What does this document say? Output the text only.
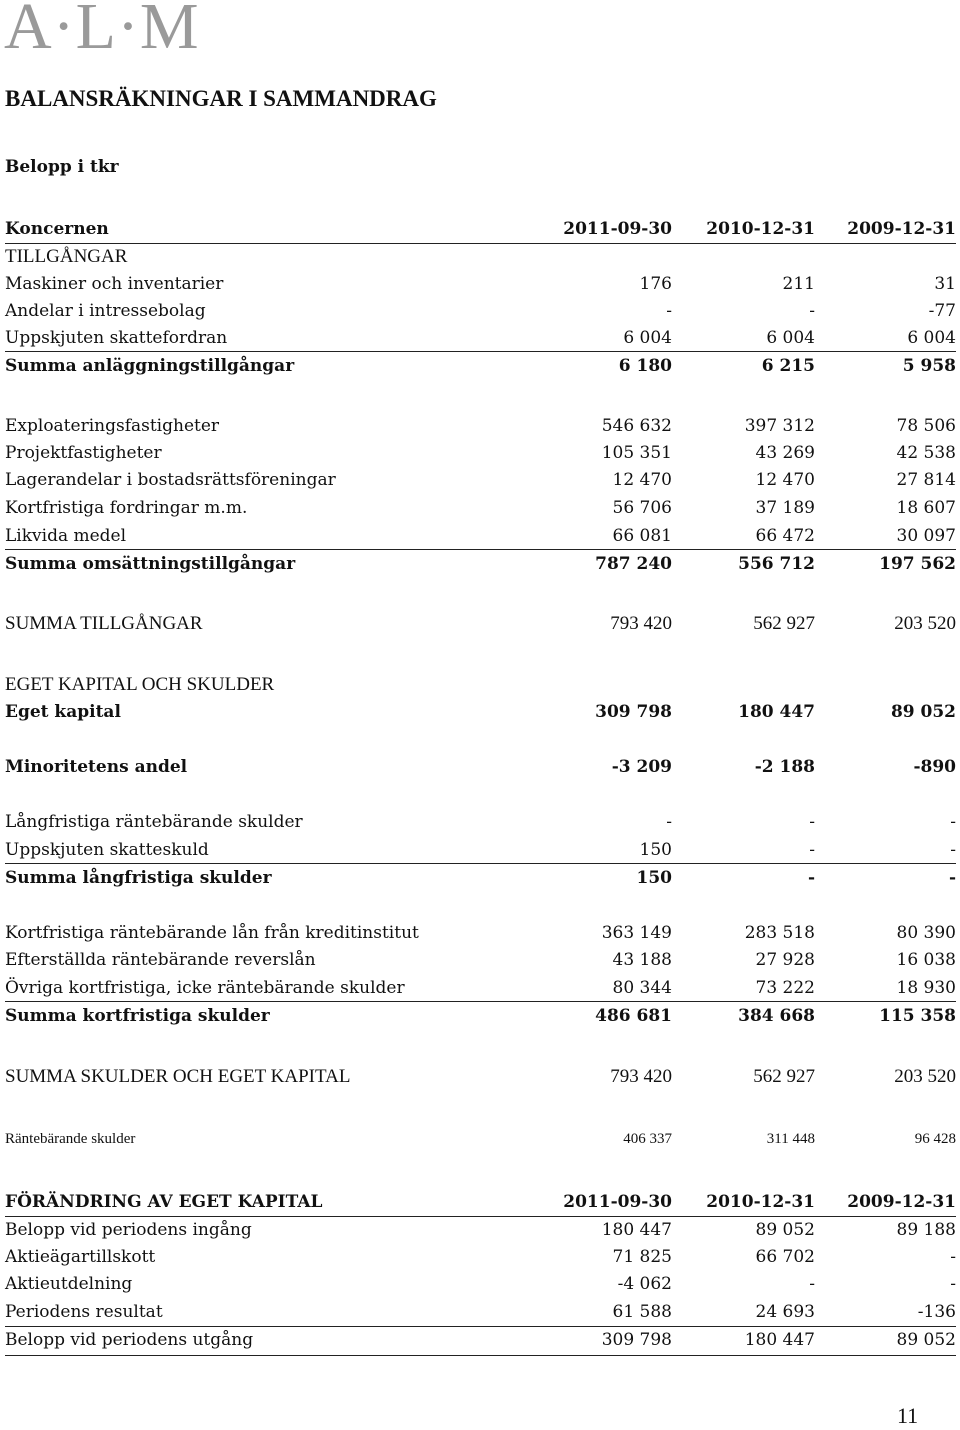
A·L·M
BALANSRÄKNINGAR I SAMMANDRAG
Belopp i tkr
Koncernen	2011-09-30 2010-12-31 2009-12-31
TILLGÅNGAR
Maskiner och inventarier	176	211	31
Andelar i intressebolag	-	-	-77
Uppskjuten skattefordran	6 004	6 004	6 004
Summa anläggningstillgångar	6 180	6 215	5 958
Exploateringsfastigheter	546 632	397 312	78 506
Projektfastigheter	105 351	43 269	42 538
Lagerandelar i bostadsrättsföreningar	12 470	12 470	27 814
Kortfristiga fordringar m.m.	56 706	37 189	18 607
Likvida medel	66 081	66 472	30 097
Summa omsättningstillgångar	787 240	556 712	197 562
SUMMA TILLGÅNGAR	793 420	562 927	203 520
EGET KAPITAL OCH SKULDER
Eget kapital	309 798	180 447	89 052
Minoritetens andel	-3 209	-2 188	-890
Långfristiga räntebärande skulder	-	-	-
Uppskjuten skatteskuld	150	-	-
Summa långfristiga skulder	150	-	-
Kortfristiga räntebärande lån från kreditinstitut	363 149	283 518	80 390
Efterställda räntebärande reverslån	43 188	27 928	16 038
Övriga kortfristiga, icke räntebärande skulder	80 344	73 222	18 930
Summa kortfristiga skulder	486 681	384 668	115 358
SUMMA SKULDER OCH EGET KAPITAL	793 420	562 927	203 520
Räntebärande skulder	406 337	311 448	96 428
FÖRÄNDRING AV EGET KAPITAL	2011-09-30 2010-12-31 2009-12-31
Belopp vid periodens ingång	180 447	89 052	89 188
Aktieägartillskott	71 825	66 702	-
Aktieutdelning	-4 062	-	-
Periodens resultat	61 588	24 693	-136
Belopp vid periodens utgång	309 798	180 447	89 052
11
